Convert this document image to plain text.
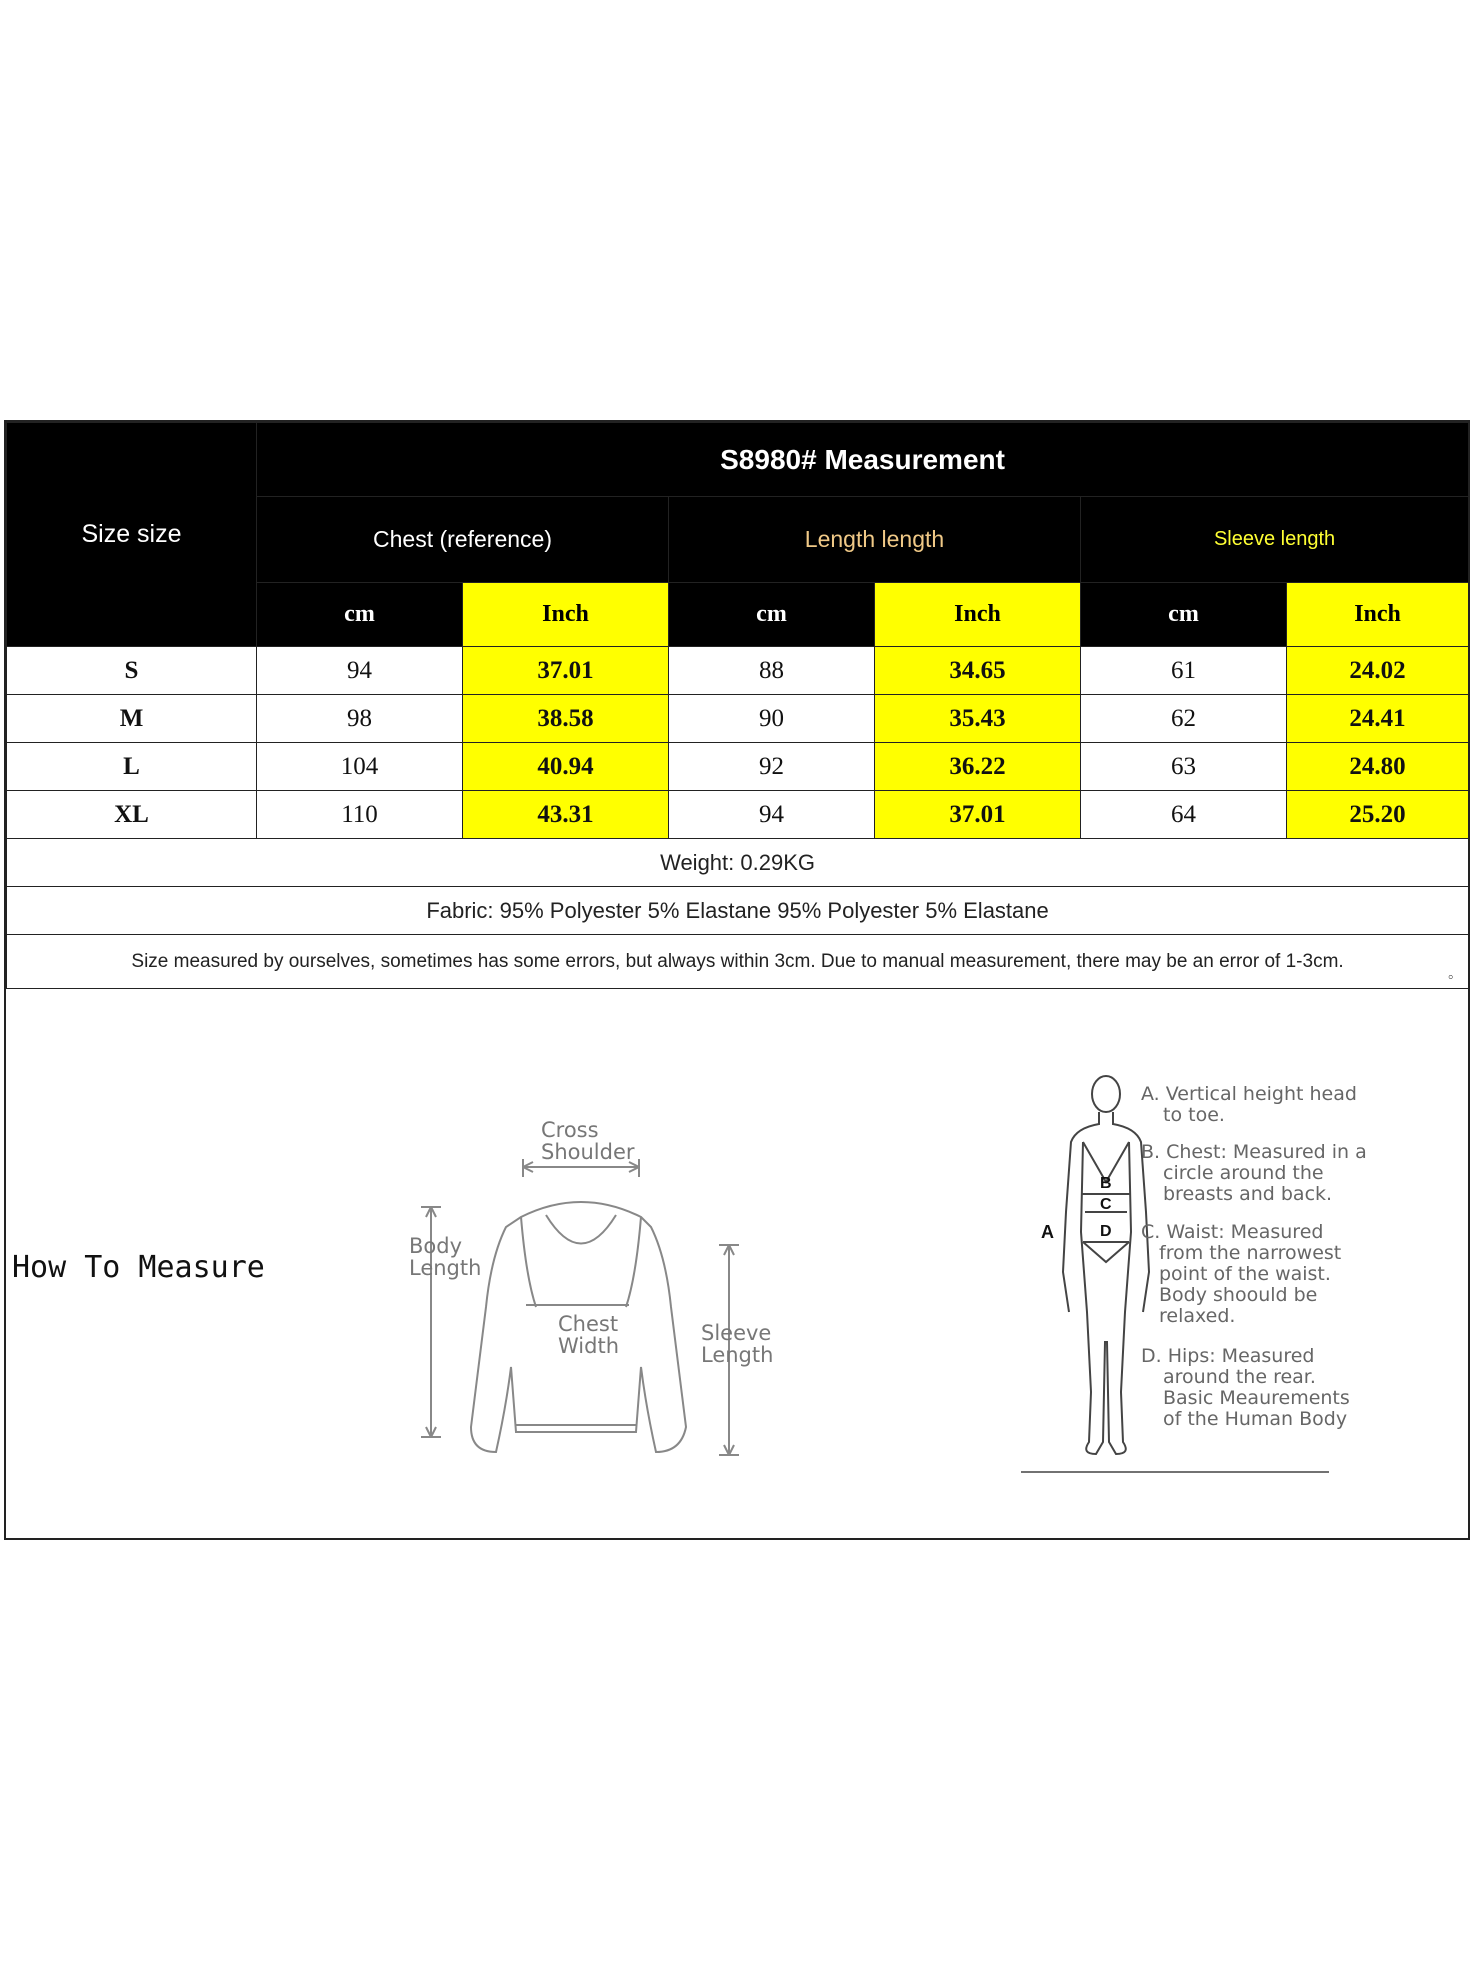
Size size	S8980# Measurement					
	Chest (reference)		Length length		Sleeve length	
	cm	Inch	cm	Inch	cm	Inch
S	94	37.01	88	34.65	61	24.02
M	98	38.58	90	35.43	62	24.41
L	104	40.94	92	36.22	63	24.80
XL	110	43.31	94	37.01	64	25.20
Weight: 0.29KG						
Fabric: 95% Polyester 5% Elastane 95% Polyester 5% Elastane						
Size measured by ourselves, sometimes has some errors, but always within 3cm. Due to manual measurement, there may be an error of 1-3cm.
。						
How To Measure
Cross
Shoulder
Body
Length
Chest
Width
Sleeve
Length
A
B
C
D
A. Vertical height head
to toe.
B. Chest: Measured in a
circle around the
breasts and back.
C. Waist: Measured
from the narrowest
point of the waist.
Body shoould be
relaxed.
D. Hips: Measured
around the rear.
Basic Meaurements
of the Human Body
